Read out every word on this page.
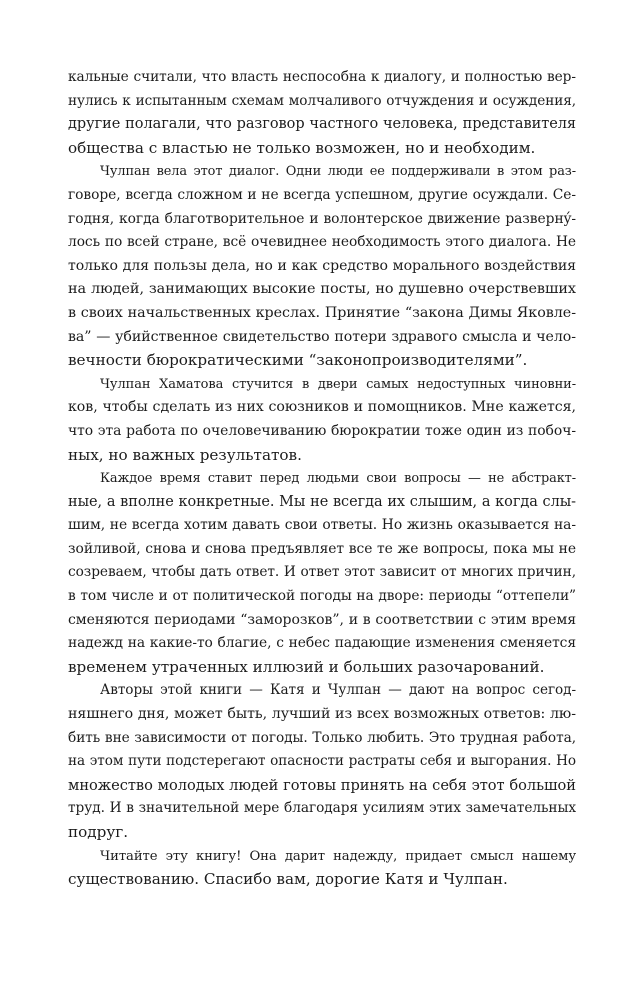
кальные считали, что власть неспособна к диалогу, и полностью вер-
нулись к испытанным схемам молчаливого отчуждения и осуждения,
другие полагали, что разговор частного человека, представителя
общества с властью не только возможен, но и необходим.

Чулпан вела этот диалог. Одни люди ее поддерживали в этом раз-
говоре, всегда сложном и не всегда успешном, другие осуждали. Се-
годня, когда благотворительное и волонтерское движение развернý-
лось по всей стране, всё очевиднее необходимость этого диалога. Не
только для пользы дела, но и как средство морального воздействия
на людей, занимающих высокие посты, но душевно очерствевших
в своих начальственных креслах. Принятие “закона Димы Яковле-
ва” — убийственное свидетельство потери здравого смысла и чело-
вечности бюрократическими “законопроизводителями”.

Чулпан Хаматова стучится в двери самых недоступных чиновни-
ков, чтобы сделать из них союзников и помощников. Мне кажется,
что эта работа по очеловечиванию бюрократии тоже один из побоч-
ных, но важных результатов.

Каждое время ставит перед людьми свои вопросы — не абстракт-
ные, а вполне конкретные. Мы не всегда их слышим, а когда слы-
шим, не всегда хотим давать свои ответы. Но жизнь оказывается на-
зойливой, снова и снова предъявляет все те же вопросы, пока мы не
созреваем, чтобы дать ответ. И ответ этот зависит от многих причин,
в том числе и от политической погоды на дворе: периоды “оттепели”
сменяются периодами “заморозков”, и в соответствии с этим время
надежд на какие-то благие, с небес падающие изменения сменяется
временем утраченных иллюзий и больших разочарований.

Авторы этой книги — Катя и Чулпан — дают на вопрос сегод-
няшнего дня, может быть, лучший из всех возможных ответов: лю-
бить вне зависимости от погоды. Только любить. Это трудная работа,
на этом пути подстерегают опасности растраты себя и выгорания. Но
множество молодых людей готовы принять на себя этот большой
труд. И в значительной мере благодаря усилиям этих замечательных
подруг.

Читайте эту книгу! Она дарит надежду, придает смысл нашему
существованию. Спасибо вам, дорогие Катя и Чулпан.
